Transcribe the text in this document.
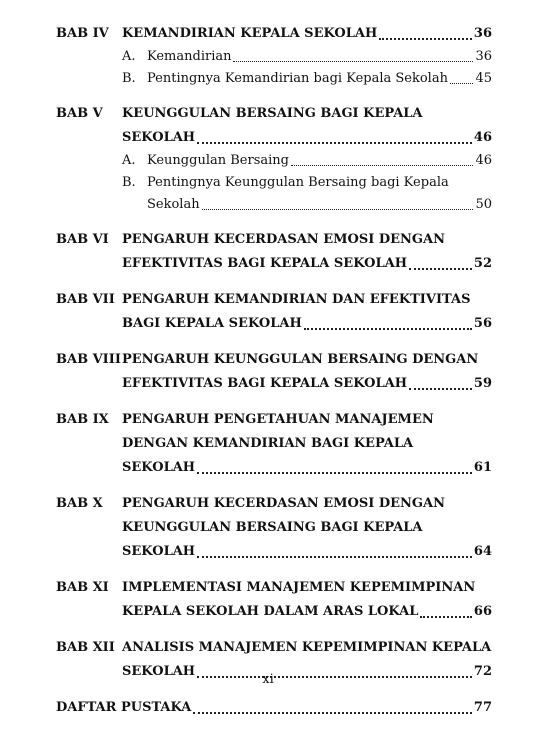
BAB IV	KEMANDIRIAN KEPALA SEKOLAH	36
A. Kemandirian	36
B. Pentingnya Kemandirian bagi Kepala Sekolah 45
BAB V	KEUNGGULAN BERSAING BAGI KEPALA
SEKOLAH	46
A. Keunggulan Bersaing	46
B. Pentingnya Keunggulan Bersaing bagi Kepala
Sekolah	50
BAB VI	PENGARUH KECERDASAN EMOSI DENGAN
EFEKTIVITAS BAGI KEPALA SEKOLAH	52
BAB VII PENGARUH KEMANDIRIAN DAN EFEKTIVITAS
BAGI KEPALA SEKOLAH	56
BAB VIII PENGARUH KEUNGGULAN BERSAING DENGAN
EFEKTIVITAS BAGI KEPALA SEKOLAH	59
BAB IX	PENGARUH PENGETAHUAN MANAJEMEN
DENGAN KEMANDIRIAN BAGI KEPALA
SEKOLAH	61
BAB X	PENGARUH KECERDASAN EMOSI DENGAN
KEUNGGULAN BERSAING BAGI KEPALA
SEKOLAH	64
BAB XI	IMPLEMENTASI MANAJEMEN KEPEMIMPINAN
KEPALA SEKOLAH DALAM ARAS LOKAL	66
BAB XII ANALISIS MANAJEMEN KEPEMIMPINAN KEPALA
SEKOLAH	72
DAFTAR PUSTAKA	77
xi
